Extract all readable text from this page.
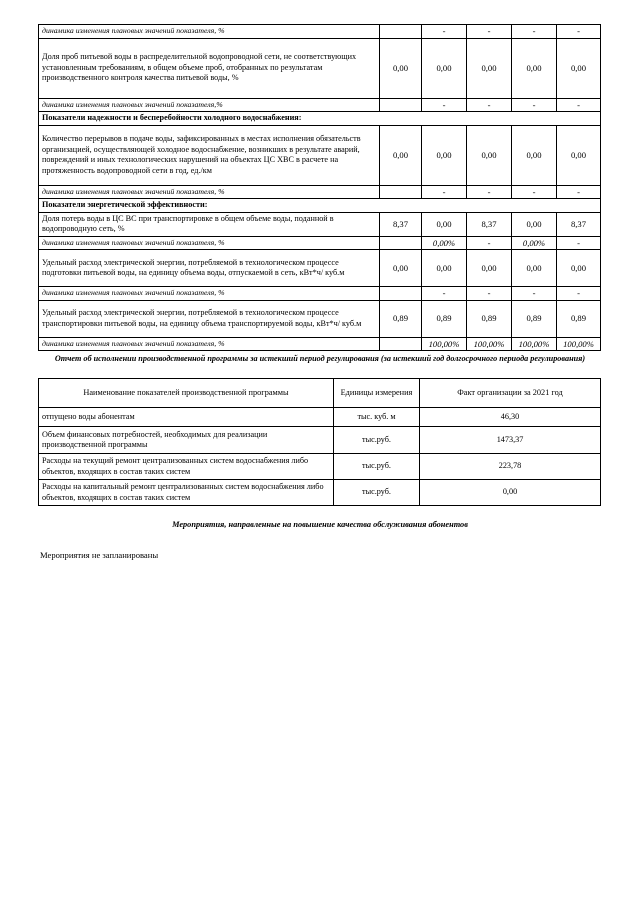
динамика изменения плановых значений показателя, %		-	-	-	-
Доля проб питьевой воды в распределительной водопроводной сети, не соответствующих установленным требованиям, в общем объеме проб, отобранных по результатам производственного контроля качества питьевой воды, %	0,00	0,00	0,00	0,00	0,00
динамика изменения плановых значений показателя,%		-	-	-	-
Показатели надежности и бесперебойности холодного водоснабжения:					
Количество перерывов в подаче воды, зафиксированных в местах исполнения обязательств организацией, осуществляющей холодное водоснабжение, возникших в результате аварий, повреждений и иных технологических нарушений на объектах ЦС ХВС в расчете на протяженность водопроводной сети в год, ед./км	0,00	0,00	0,00	0,00	0,00
динамика изменения плановых значений показателя, %		-	-	-	-
Показатели энергетической эффективности:					
Доля потерь воды в ЦС ВС при транспортировке в общем объеме воды, поданной в водопроводную сеть, %	8,37	0,00	8,37	0,00	8,37
динамика изменения плановых значений показателя, %		0,00%	-	0,00%	-
Удельный расход электрической энергии, потребляемой в технологическом процессе подготовки питьевой воды, на единицу объема воды, отпускаемой в сеть, кВт*ч/ куб.м	0,00	0,00	0,00	0,00	0,00
динамика изменения плановых значений показателя, %		-	-	-	-
Удельный расход электрической энергии, потребляемой в технологическом процессе транспортировки питьевой воды, на единицу объема транспортируемой воды, кВт*ч/ куб.м	0,89	0,89	0,89	0,89	0,89
динамика изменения плановых значений показателя, %		100,00%	100,00%	100,00%	100,00%
Отчет об исполнении производственной программы за истекший период регулирования (за истекший год долгосрочного периода регулирования)
Наименование показателей производственной программы	Единицы измерения	Факт организации за 2021 год
отпущено воды абонентам	тыс. куб. м	46,30
Объем финансовых потребностей, необходимых для реализации производственной программы	тыс.руб.	1473,37
Расходы на текущий ремонт централизованных систем водоснабжения либо объектов, входящих в состав таких систем	тыс.руб.	223,78
Расходы на капитальный ремонт централизованных систем водоснабжения либо объектов, входящих в состав таких систем	тыс.руб.	0,00
Мероприятия, направленные на повышение качества обслуживания абонентов
Мероприятия не запланированы
